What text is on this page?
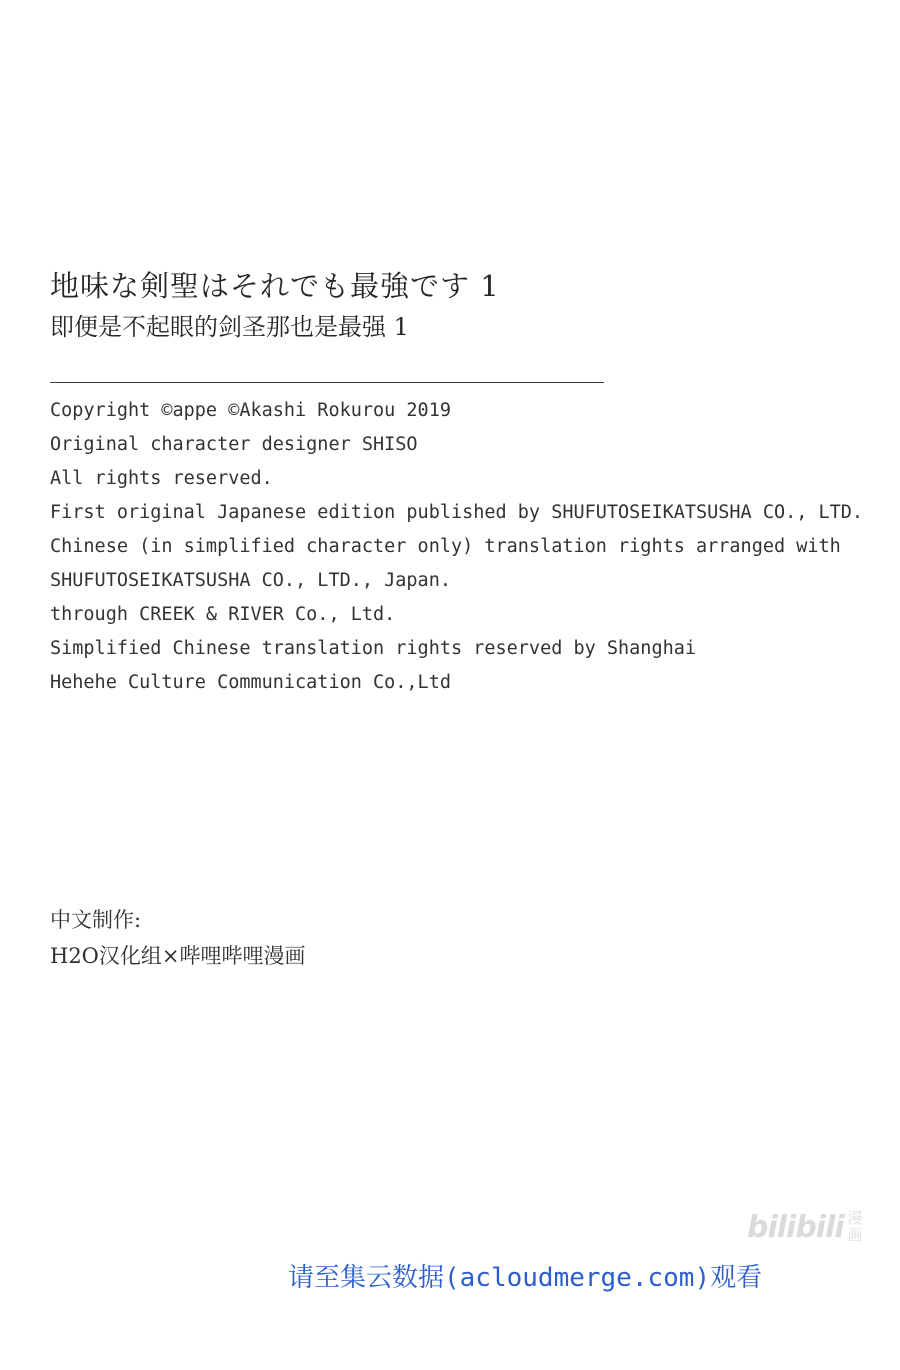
地味な剣聖はそれでも最強です 1
即便是不起眼的剑圣那也是最强 1
Copyright ©appe ©Akashi Rokurou 2019
Original character designer SHISO
All rights reserved.
First original Japanese edition published by SHUFUTOSEIKATSUSHA CO., LTD.
Chinese (in simplified character only) translation rights arranged with
SHUFUTOSEIKATSUSHA CO., LTD., Japan.
through CREEK & RIVER Co., Ltd.
Simplified Chinese translation rights reserved by Shanghai
Hehehe Culture Communication Co.,Ltd
中文制作:
H2O汉化组×哔哩哔哩漫画
bilibili 漫画
请至集云数据(acloudmerge.com)观看
